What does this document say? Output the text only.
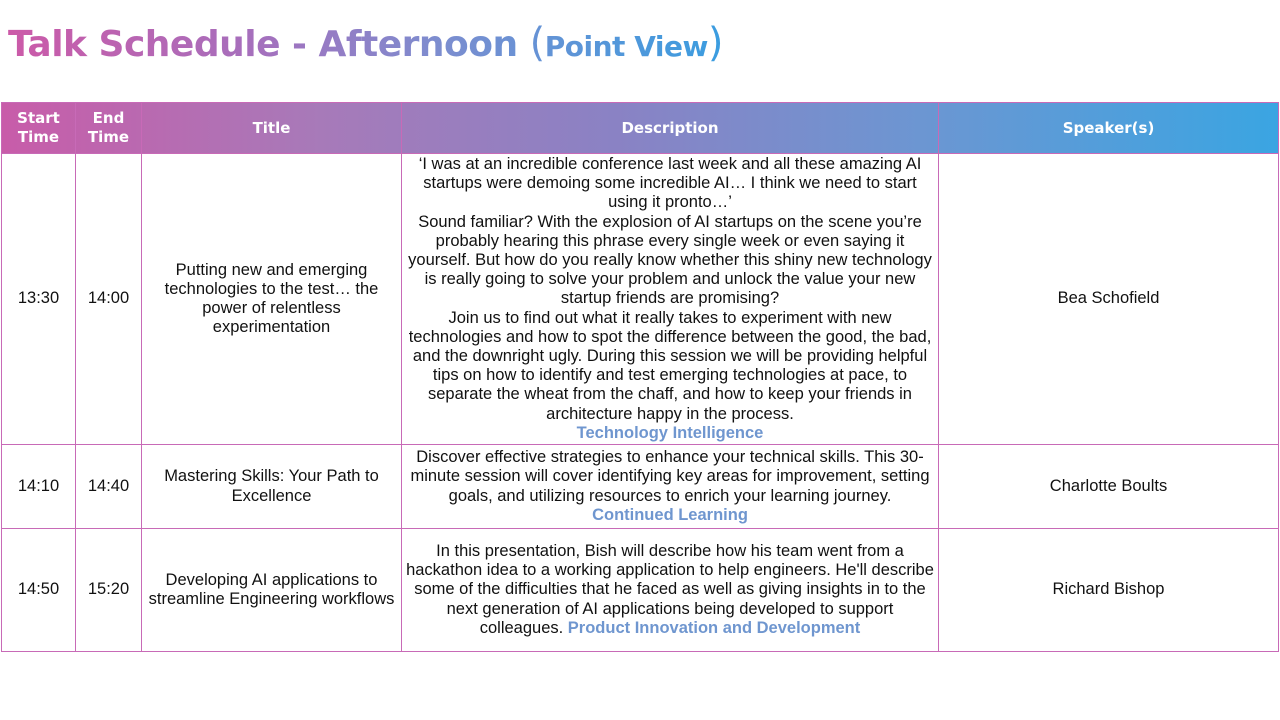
Talk Schedule - Afternoon (Point View)
Start Time	End Time	Title	Description	Speaker(s)
13:30	14:00	Putting new and emerging technologies to the test… the power of relentless experimentation	‘I was at an incredible conference last week and all these amazing AI startups were demoing some incredible AI… I think we need to start using it pronto…’
Sound familiar? With the explosion of AI startups on the scene you’re probably hearing this phrase every single week or even saying it yourself. But how do you really know whether this shiny new technology is really going to solve your problem and unlock the value your new startup friends are promising?
Join us to find out what it really takes to experiment with new technologies and how to spot the difference between the good, the bad, and the downright ugly. During this session we will be providing helpful tips on how to identify and test emerging technologies at pace, to separate the wheat from the chaff, and how to keep your friends in architecture happy in the process.
Technology Intelligence	Bea Schofield
14:10	14:40	Mastering Skills: Your Path to Excellence	Discover effective strategies to enhance your technical skills. This 30-minute session will cover identifying key areas for improvement, setting goals, and utilizing resources to enrich your learning journey.  Continued Learning	Charlotte Boults
14:50	15:20	Developing AI applications to streamline Engineering workflows	In this presentation, Bish will describe how his team went from a hackathon idea to a working application to help engineers. He'll describe some of the difficulties that he faced as well as giving insights in to the next generation of AI applications being developed to support colleagues. Product Innovation and Development	Richard Bishop
